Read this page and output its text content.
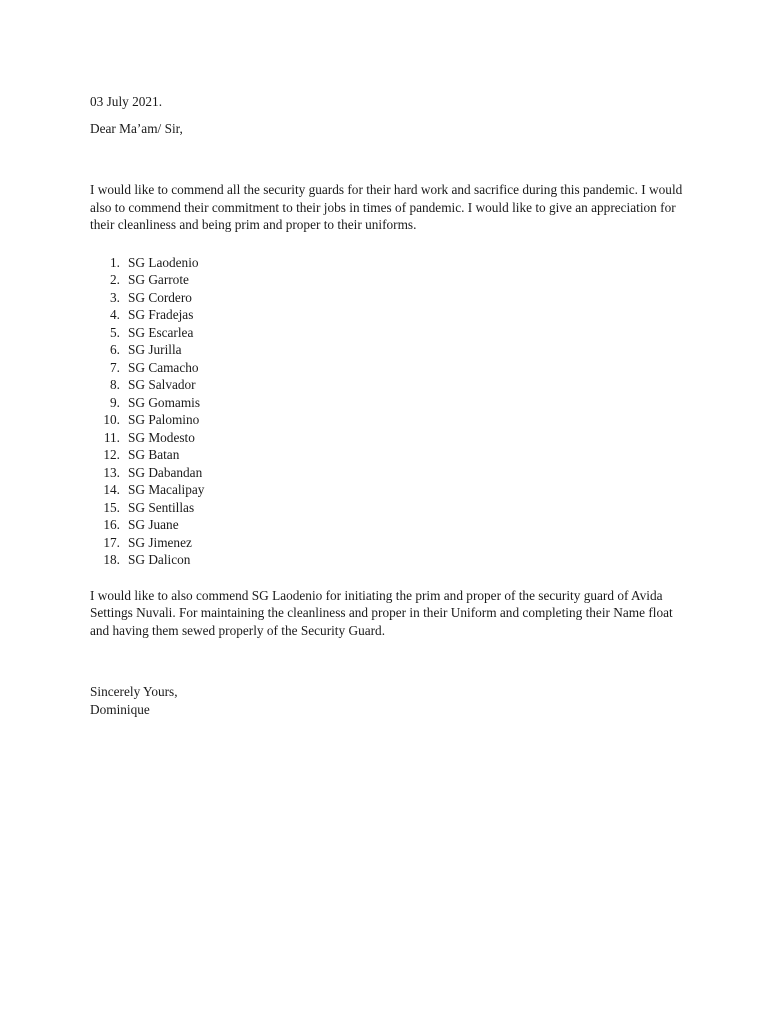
03 July 2021.

Dear Ma’am/ Sir,

I would like to commend all the security guards for their hard work and sacrifice during this pandemic. I would also to commend their commitment to their jobs in times of pandemic. I would like to give an appreciation for their cleanliness and being prim and proper to their uniforms.

1. SG Laodenio
2. SG Garrote
3. SG Cordero
4. SG Fradejas
5. SG Escarlea
6. SG Jurilla
7. SG Camacho
8. SG Salvador
9. SG Gomamis
10. SG Palomino
11. SG Modesto
12. SG Batan
13. SG Dabandan
14. SG Macalipay
15. SG Sentillas
16. SG Juane
17. SG Jimenez
18. SG Dalicon

I would like to also commend SG Laodenio for initiating the prim and proper of the security guard of Avida Settings Nuvali. For maintaining the cleanliness and proper in their Uniform and completing their Name float and having them sewed properly of the Security Guard.

Sincerely Yours,

Dominique
